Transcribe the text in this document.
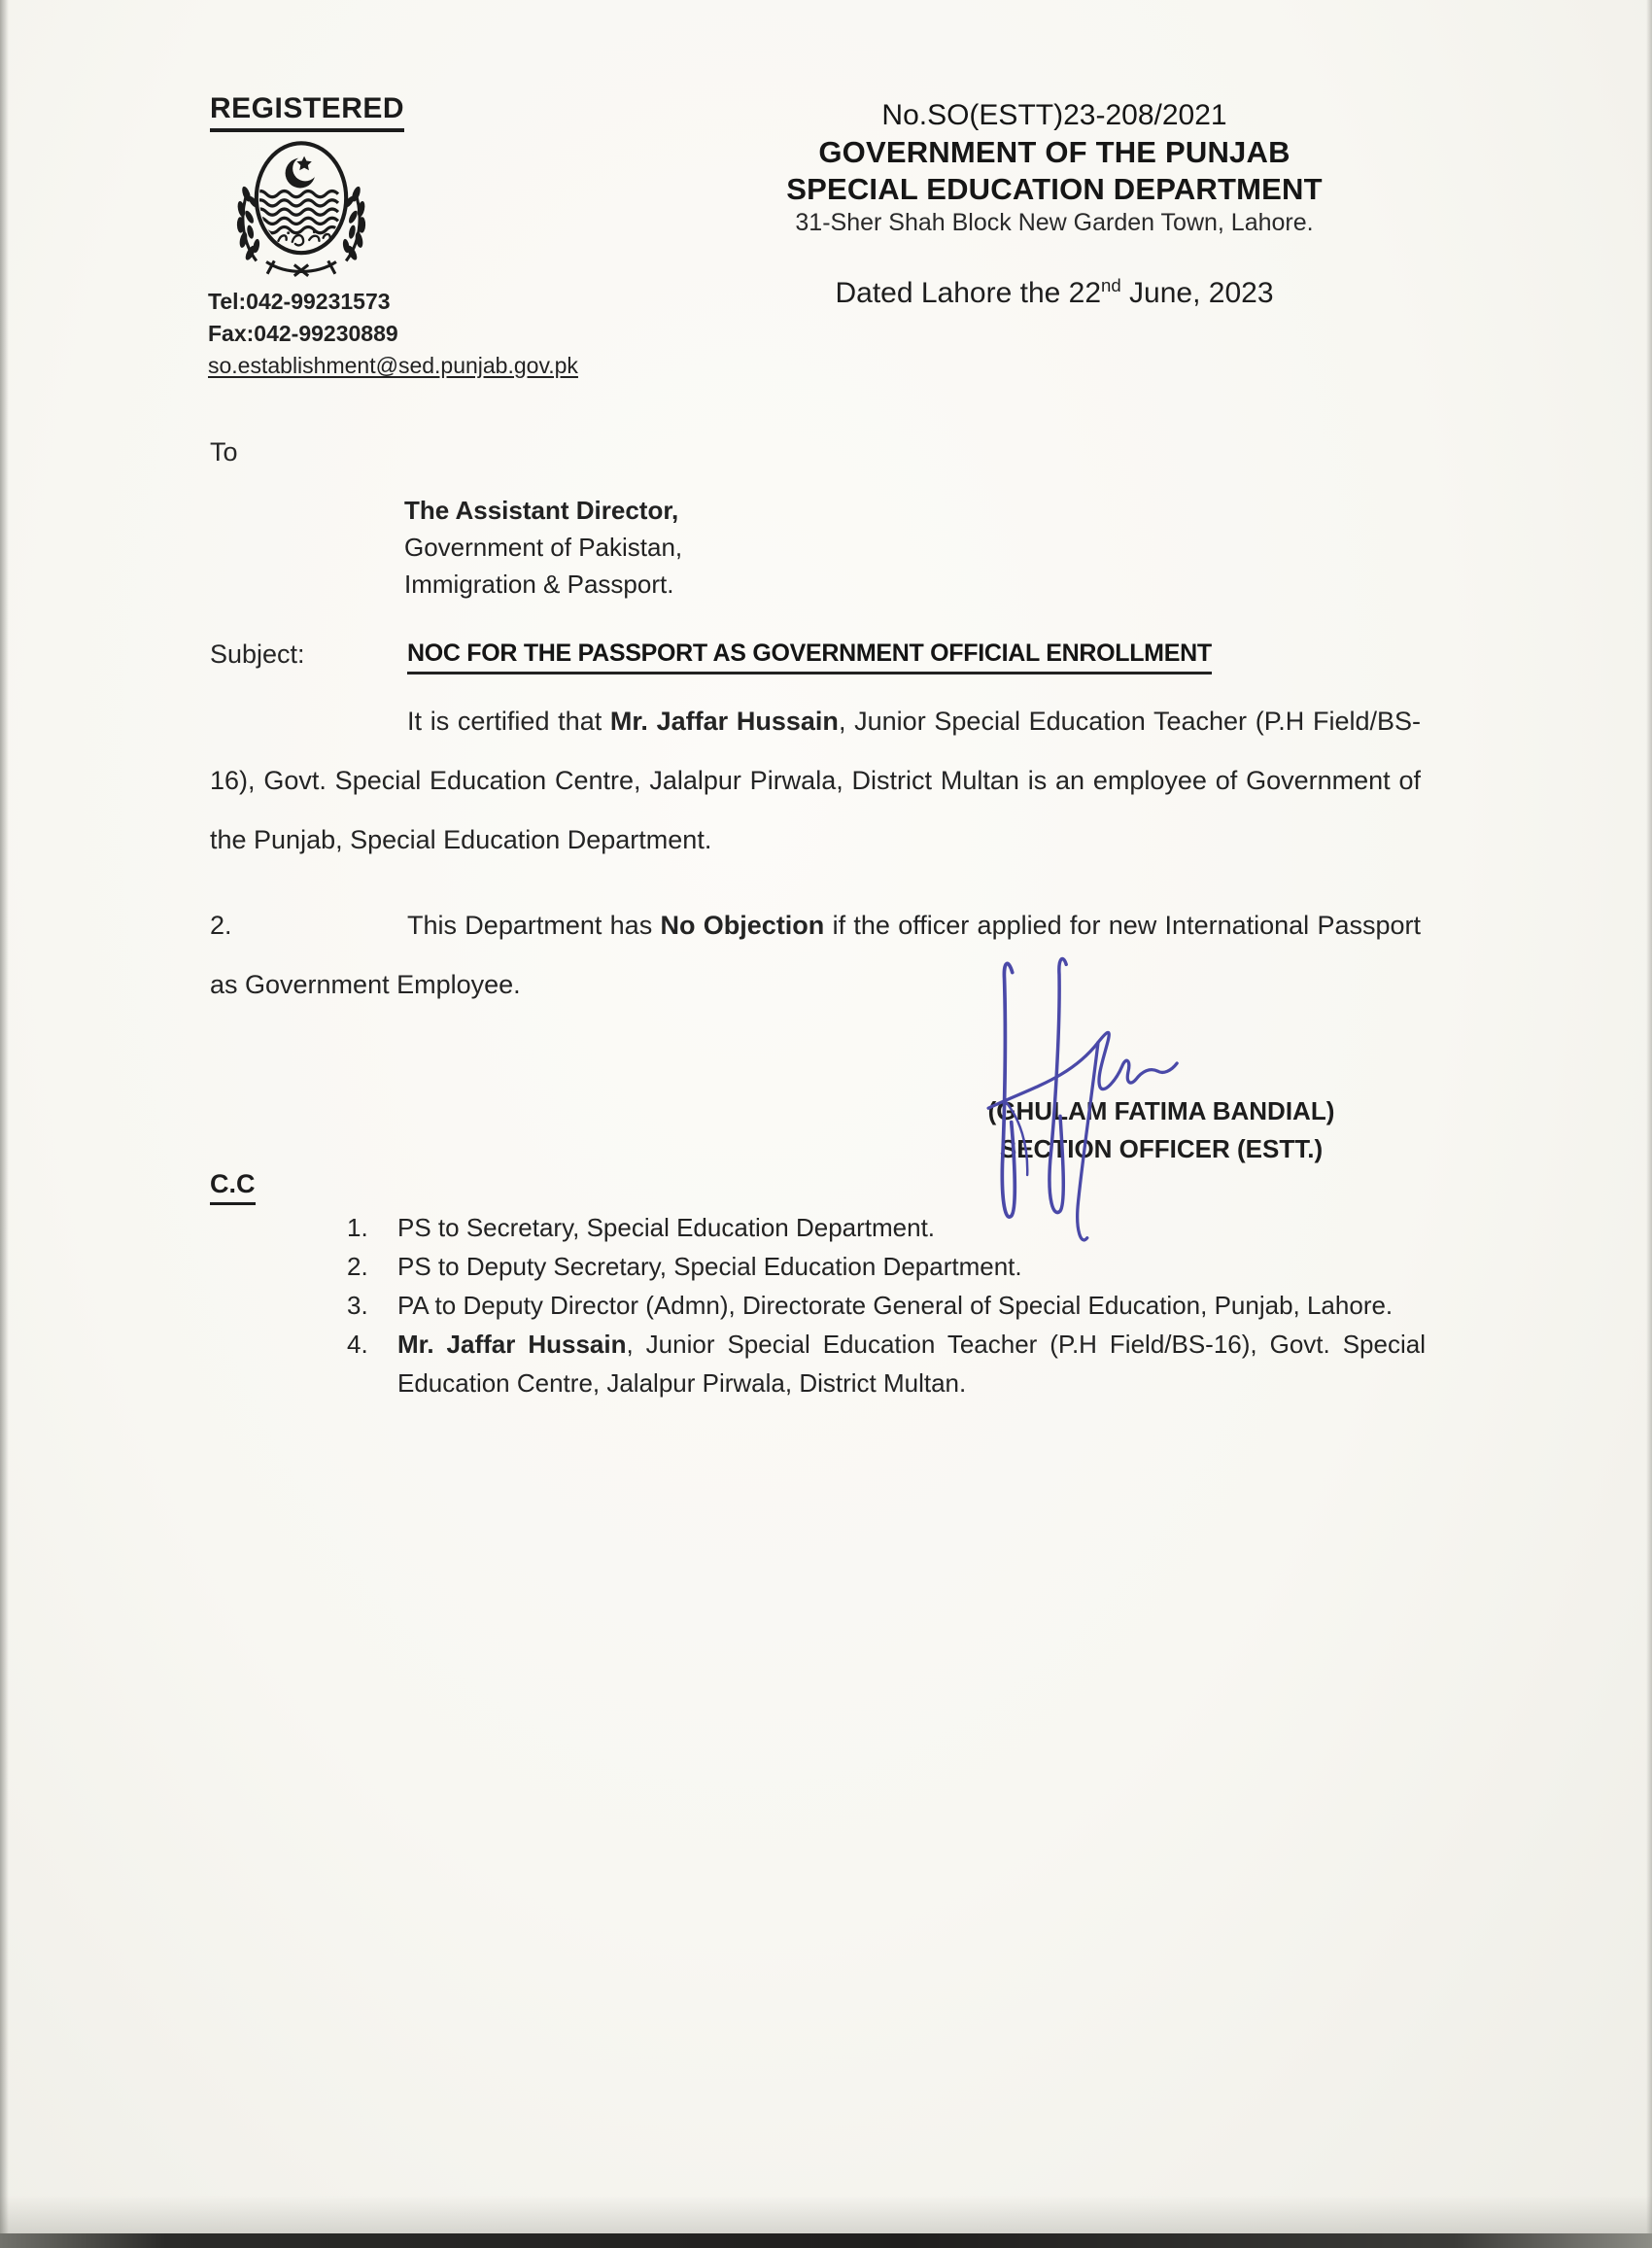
REGISTERED
Tel:042-99231573
Fax:042-99230889
so.establishment@sed.punjab.gov.pk
No.SO(ESTT)23-208/2021
GOVERNMENT OF THE PUNJAB
SPECIAL EDUCATION DEPARTMENT
31-Sher Shah Block New Garden Town, Lahore.
Dated Lahore the 22nd June, 2023
To
The Assistant Director,
Government of Pakistan,
Immigration & Passport.
Subject:	NOC FOR THE PASSPORT AS GOVERNMENT OFFICIAL ENROLLMENT

It is certified that Mr. Jaffar Hussain, Junior Special Education Teacher (P.H Field/BS-16), Govt. Special Education Centre, Jalalpur Pirwala, District Multan is an employee of Government of the Punjab, Special Education Department.

2.	This Department has No Objection if the officer applied for new International Passport as Government Employee.

(GHULAM FATIMA BANDIAL)
SECTION OFFICER (ESTT.)
C.C
1. PS to Secretary, Special Education Department.
2. PS to Deputy Secretary, Special Education Department.
3. PA to Deputy Director (Admn), Directorate General of Special Education, Punjab, Lahore.
4. Mr. Jaffar Hussain, Junior Special Education Teacher (P.H Field/BS-16), Govt. Special Education Centre, Jalalpur Pirwala, District Multan.
